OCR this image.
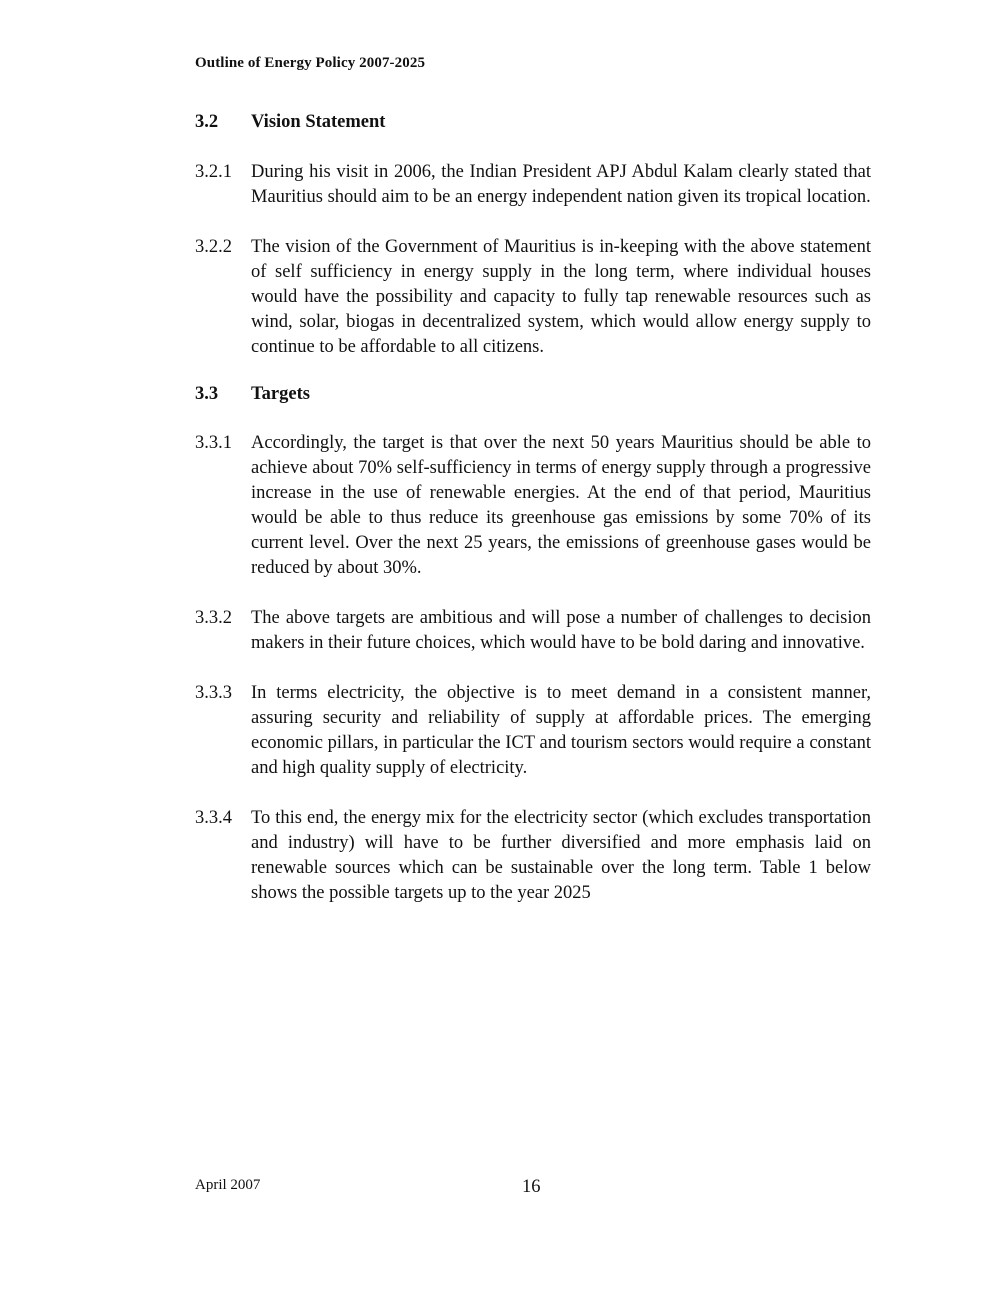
Outline of Energy Policy 2007-2025
3.2	Vision Statement
3.2.1	During his visit in 2006, the Indian President APJ Abdul Kalam clearly stated that Mauritius should aim to be an energy independent nation given its tropical location.
3.2.2	The vision of the Government of Mauritius is in-keeping with the above statement of self sufficiency in energy supply in the long term, where individual houses would have the possibility and capacity to fully tap renewable resources such as wind, solar, biogas in decentralized system, which would allow energy supply to continue to be affordable to all citizens.
3.3	Targets
3.3.1	Accordingly, the target is that over the next 50 years Mauritius should be able to achieve about 70% self-sufficiency in terms of energy supply through a progressive increase in the use of renewable energies. At the end of that period, Mauritius would be able to thus reduce its greenhouse gas emissions by some 70% of its current level. Over the next 25 years, the emissions of greenhouse gases would be reduced by about 30%.
3.3.2	The above targets are ambitious and will pose a number of challenges to decision makers in their future choices, which would have to be bold daring and innovative.
3.3.3	In terms electricity, the objective is to meet demand in a consistent manner, assuring security and reliability of supply at affordable prices. The emerging economic pillars, in particular the ICT and tourism sectors would require a constant and high quality supply of electricity.
3.3.4	To this end, the energy mix for the electricity sector (which excludes transportation and industry) will have to be further diversified and more emphasis laid on renewable sources which can be sustainable over the long term. Table 1 below shows the possible targets up to the year 2025
April 2007	16
